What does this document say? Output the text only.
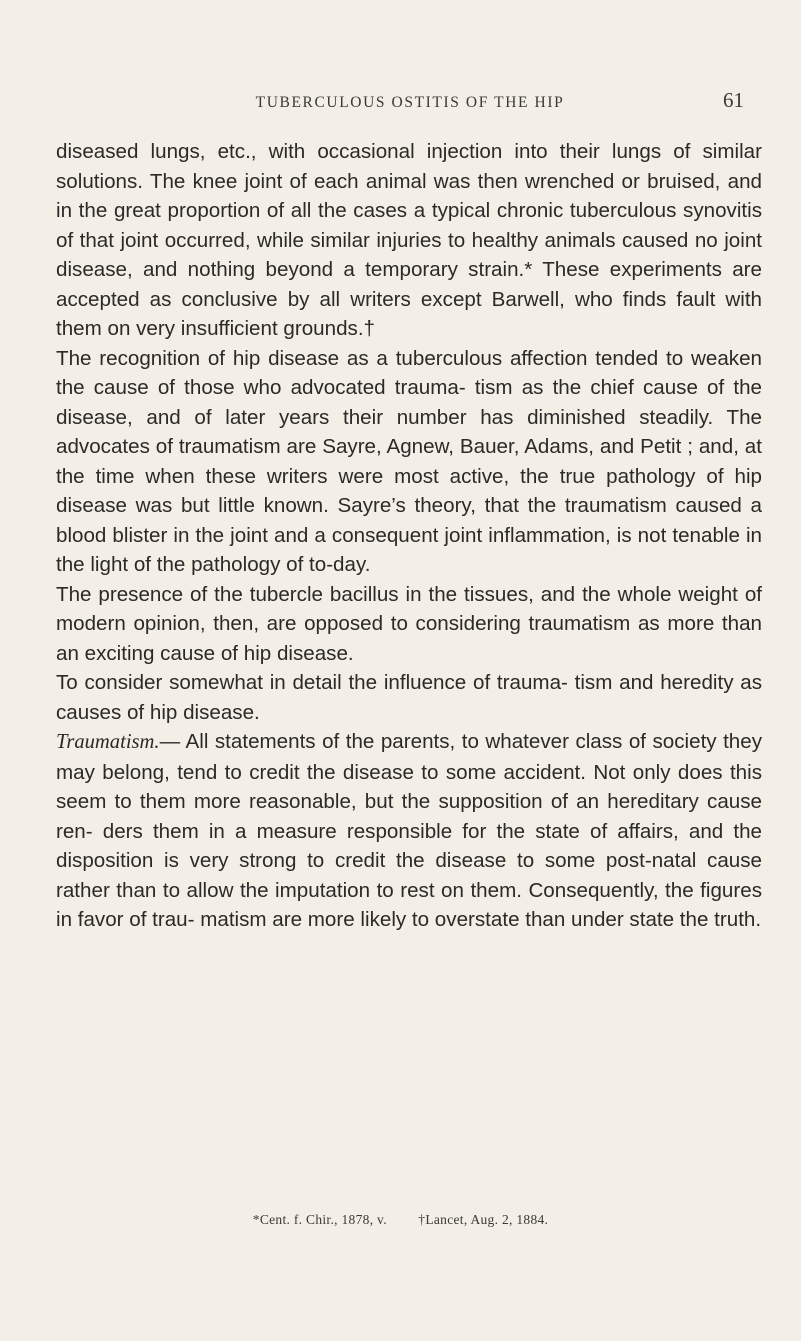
TUBERCULOUS OSTITIS OF THE HIP	61

diseased lungs, etc., with occasional injection into their lungs of similar solutions. The knee joint of each animal was then wrenched or bruised, and in the great proportion of all the cases a typical chronic tuberculous synovitis of that joint occurred, while similar injuries to healthy animals caused no joint disease, and nothing beyond a temporary strain.* These experiments are accepted as conclusive by all writers except Barwell, who finds fault with them on very insufficient grounds.†

The recognition of hip disease as a tuberculous affection tended to weaken the cause of those who advocated trauma- tism as the chief cause of the disease, and of later years their number has diminished steadily. The advocates of traumatism are Sayre, Agnew, Bauer, Adams, and Petit ; and, at the time when these writers were most active, the true pathology of hip disease was but little known. Sayre’s theory, that the traumatism caused a blood blister in the joint and a consequent joint inflammation, is not tenable in the light of the pathology of to-day.

The presence of the tubercle bacillus in the tissues, and the whole weight of modern opinion, then, are opposed to considering traumatism as more than an exciting cause of hip disease.

To consider somewhat in detail the influence of trauma- tism and heredity as causes of hip disease.

Traumatism.— All statements of the parents, to whatever class of society they may belong, tend to credit the disease to some accident. Not only does this seem to them more reasonable, but the supposition of an hereditary cause ren- ders them in a measure responsible for the state of affairs, and the disposition is very strong to credit the disease to some post-natal cause rather than to allow the imputation to rest on them. Consequently, the figures in favor of trau- matism are more likely to overstate than under state the truth.

*Cent. f. Chir., 1878, v. †Lancet, Aug. 2, 1884.
